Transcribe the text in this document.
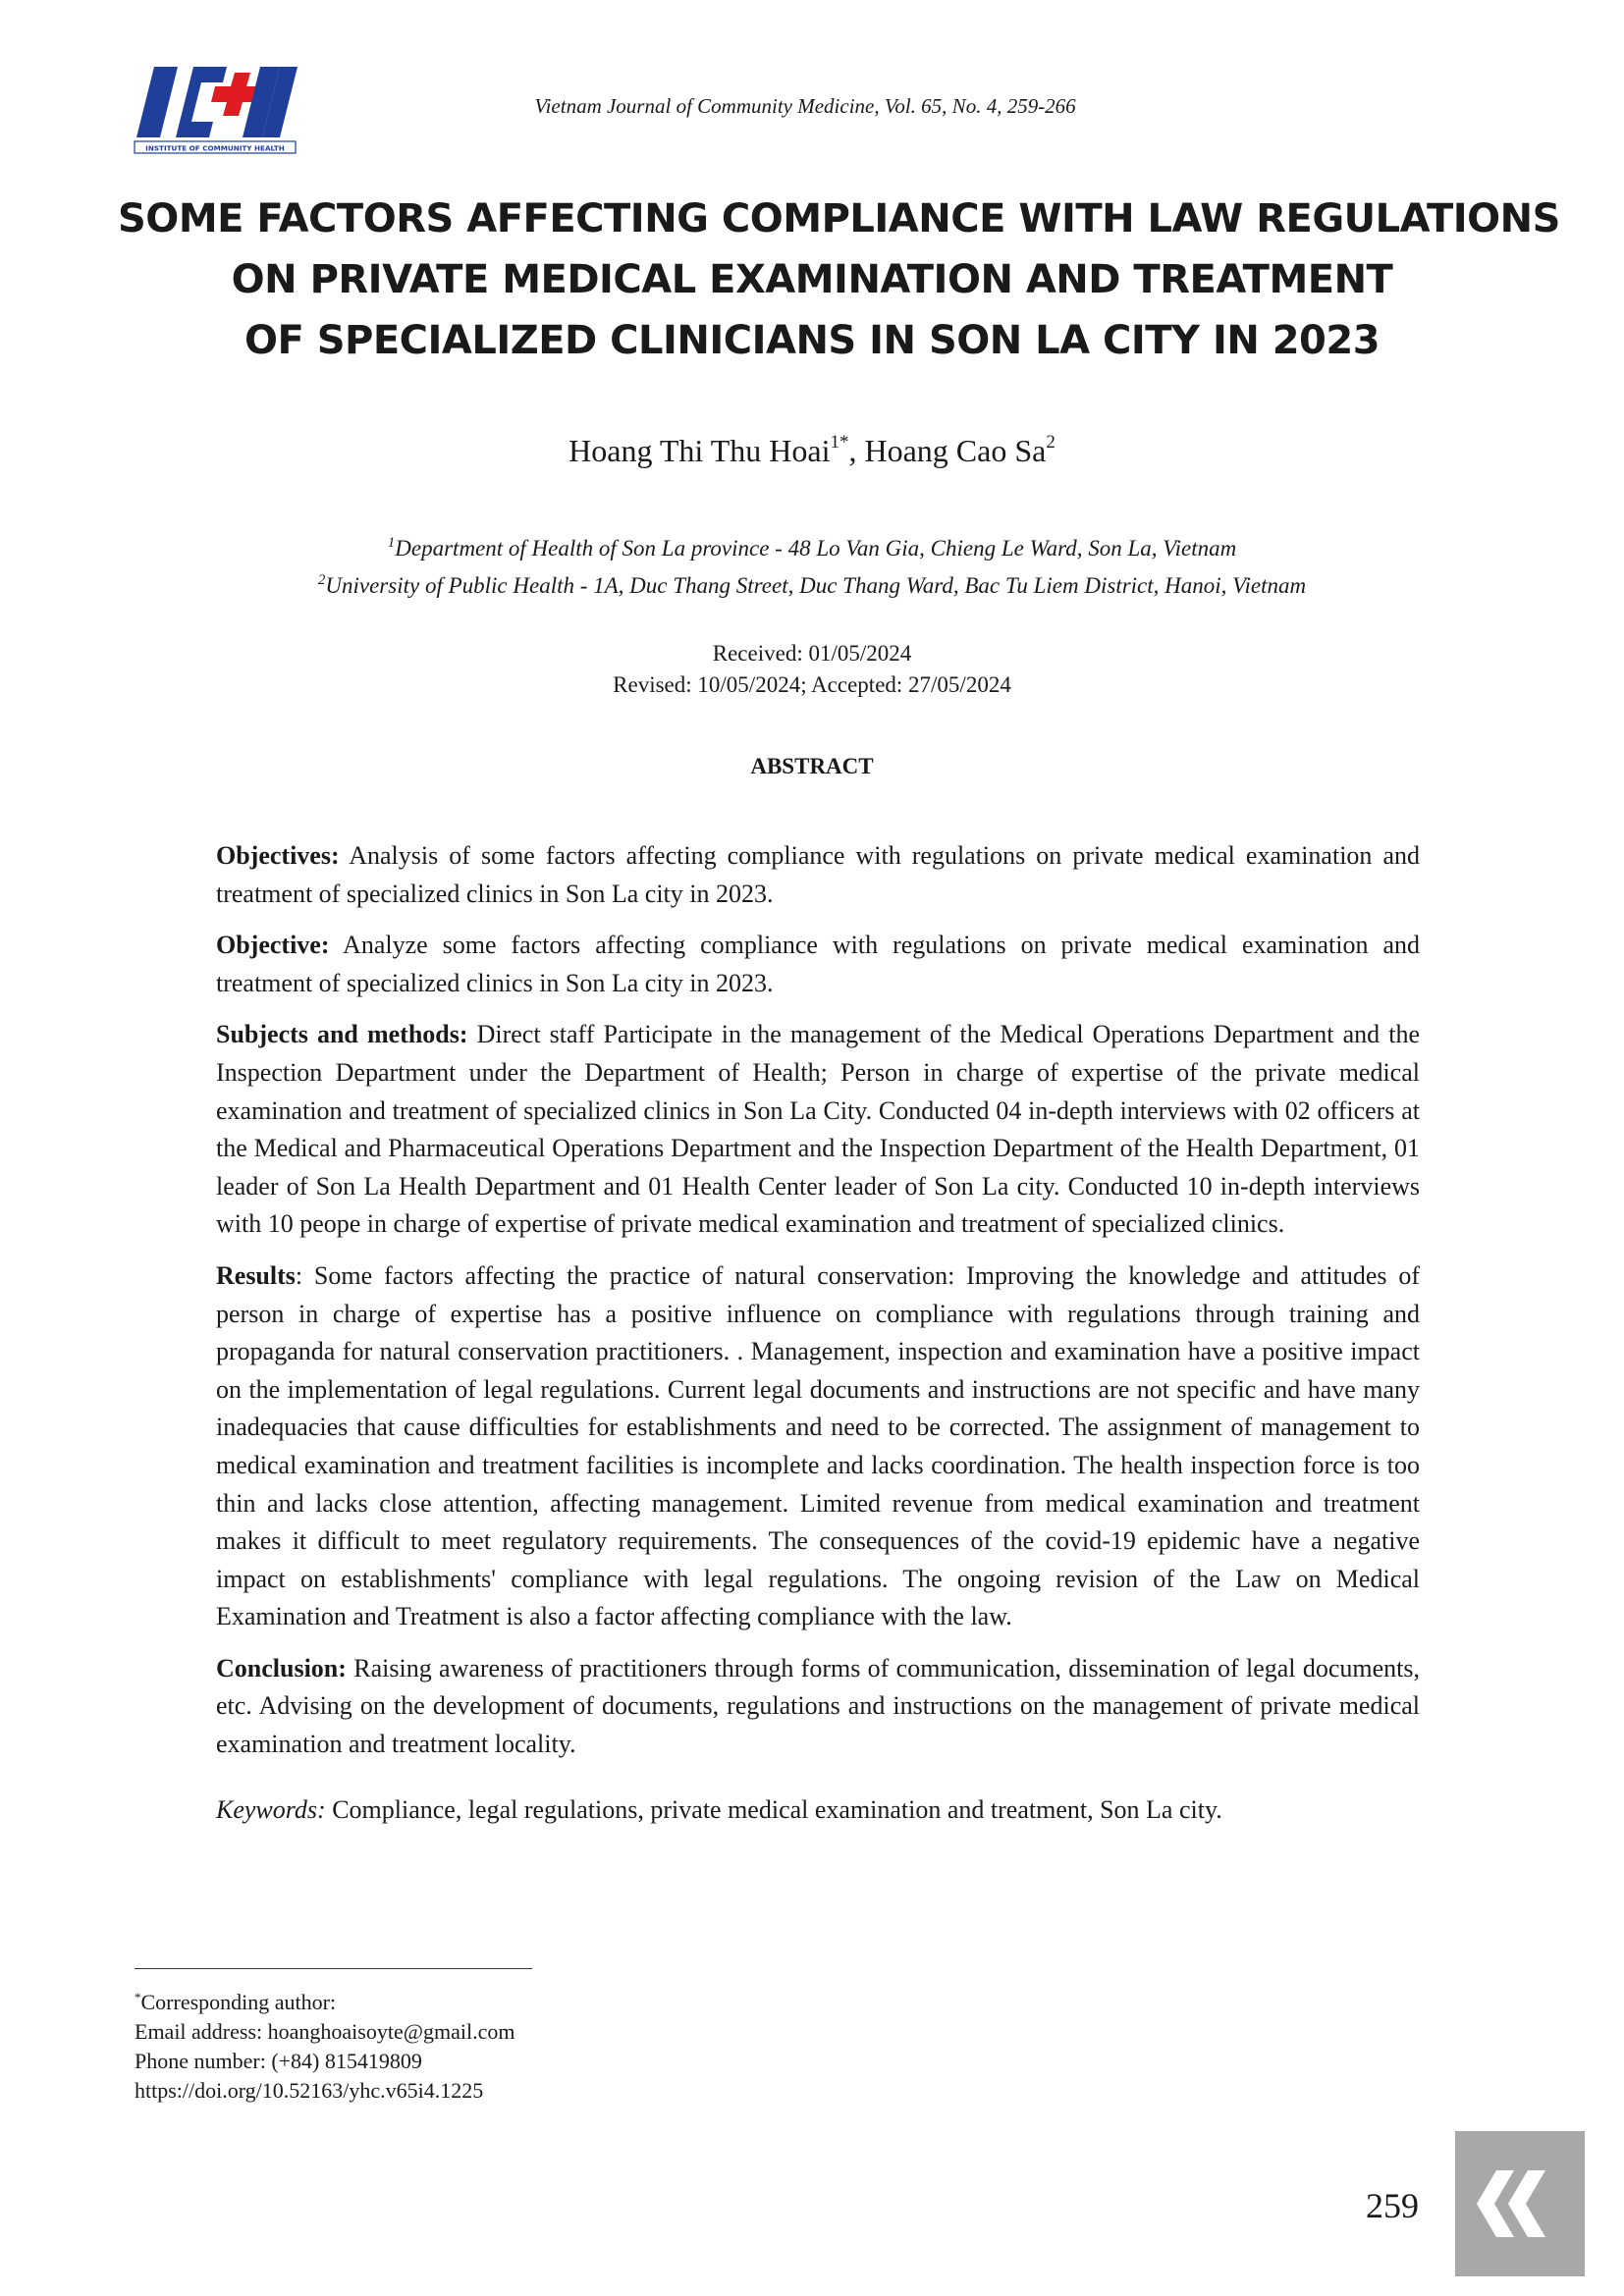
INSTITUTE OF COMMUNITY HEALTH
Vietnam Journal of Community Medicine, Vol. 65, No. 4, 259-266
SOME FACTORS AFFECTING COMPLIANCE WITH LAW REGULATIONS
ON PRIVATE MEDICAL EXAMINATION AND TREATMENT
OF SPECIALIZED CLINICIANS IN SON LA CITY IN 2023
Hoang Thi Thu Hoai$^{1*}$, Hoang Cao Sa$^2$
$^1$Department of Health of Son La province - 48 Lo Van Gia, Chieng Le Ward, Son La, Vietnam
$^2$University of Public Health - 1A, Duc Thang Street, Duc Thang Ward, Bac Tu Liem District, Hanoi, Vietnam
Received: 01/05/2024
Revised: 10/05/2024; Accepted: 27/05/2024
ABSTRACT

Objectives: Analysis of some factors affecting compliance with regulations on private medical examination and treatment of specialized clinics in Son La city in 2023.

Objective: Analyze some factors affecting compliance with regulations on private medical examination and treatment of specialized clinics in Son La city in 2023.

Subjects and methods: Direct staff Participate in the management of the Medical Operations Department and the Inspection Department under the Department of Health; Person in charge of expertise of the private medical examination and treatment of specialized clinics in Son La City. Conducted 04 in-depth interviews with 02 officers at the Medical and Pharmaceutical Operations Department and the Inspection Department of the Health Department, 01 leader of Son La Health Department and 01 Health Center leader of Son La city. Conducted 10 in-depth interviews with 10 peope in charge of expertise of private medical examination and treatment of specialized clinics.

Results: Some factors affecting the practice of natural conservation: Improving the knowledge and attitudes of person in charge of expertise has a positive influence on compliance with regulations through training and propaganda for natural conservation practitioners. . Management, inspection and examination have a positive impact on the implementation of legal regulations. Current legal documents and instructions are not specific and have many inadequacies that cause difficulties for establishments and need to be corrected. The assignment of management to medical examination and treatment facilities is incomplete and lacks coordination. The health inspection force is too thin and lacks close attention, affecting management. Limited revenue from medical examination and treatment makes it difficult to meet regulatory requirements. The consequences of the covid-19 epidemic have a negative impact on establishments' compliance with legal regulations. The ongoing revision of the Law on Medical Examination and Treatment is also a factor affecting compliance with the law.

Conclusion: Raising awareness of practitioners through forms of communication, dissemination of legal documents, etc. Advising on the development of documents, regulations and instructions on the management of private medical examination and treatment locality.

Keywords: Compliance, legal regulations, private medical examination and treatment, Son La city.

*Corresponding author:
Email address: hoanghoaisoyte@gmail.com
Phone number: (+84) 815419809
https://doi.org/10.52163/yhc.v65i4.1225
259
